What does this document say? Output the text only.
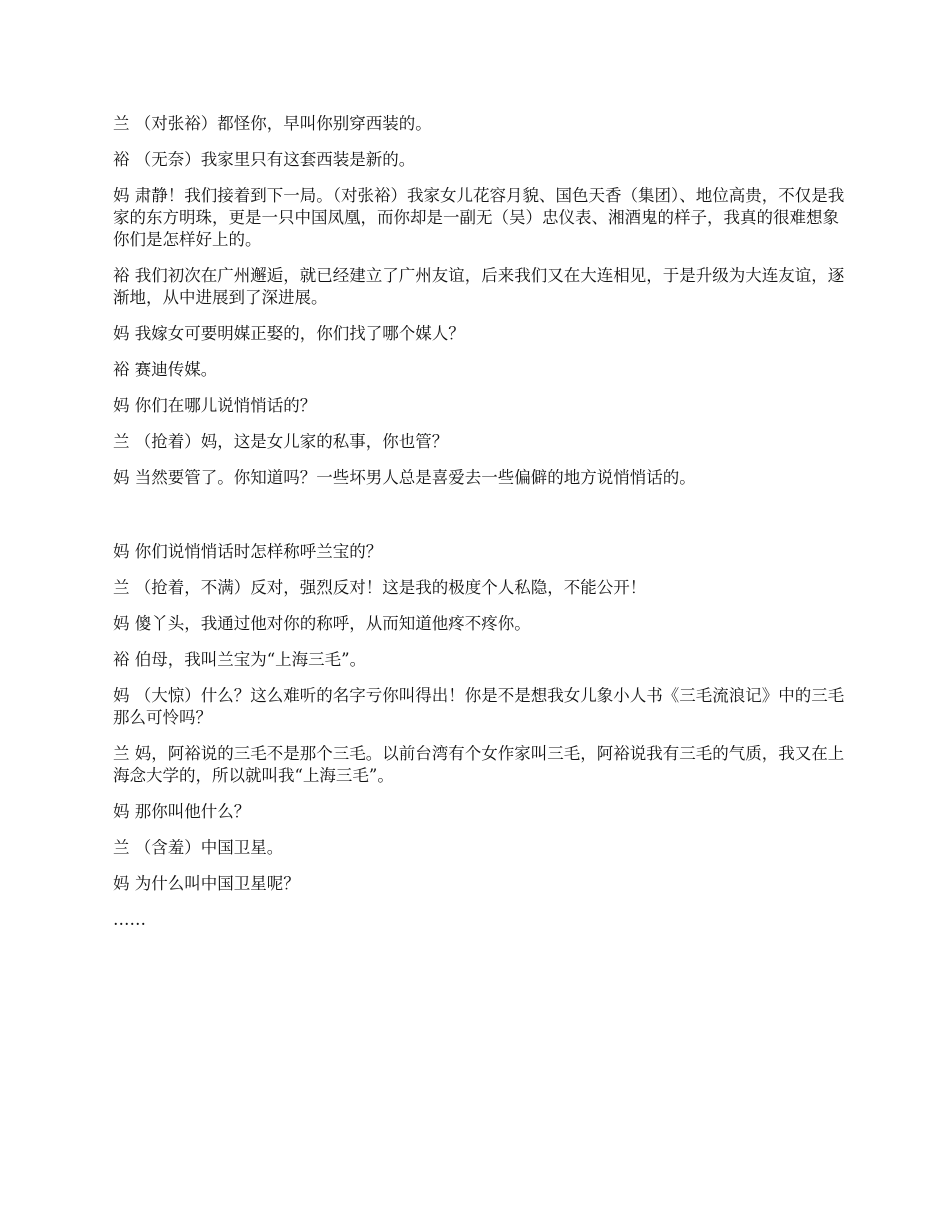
兰 （对张裕）都怪你，早叫你别穿西装的。

裕 （无奈）我家里只有这套西装是新的。

妈 肃静！我们接着到下一局。（对张裕）我家女儿花容月貌、国色天香（集团）、地位高贵，不仅是我家的东方明珠，更是一只中国凤凰，而你却是一副无（吴）忠仪表、湘酒鬼的样子，我真的很难想象你们是怎样好上的。

裕 我们初次在广州邂逅，就已经建立了广州友谊，后来我们又在大连相见，于是升级为大连友谊，逐渐地，从中进展到了深进展。

妈 我嫁女可要明媒正娶的，你们找了哪个媒人？

裕 赛迪传媒。

妈 你们在哪儿说悄悄话的？

兰 （抢着）妈，这是女儿家的私事，你也管？

妈 当然要管了。你知道吗？一些坏男人总是喜爱去一些偏僻的地方说悄悄话的。

妈 你们说悄悄话时怎样称呼兰宝的？

兰 （抢着，不满）反对，强烈反对！这是我的极度个人私隐，不能公开！

妈 傻丫头，我通过他对你的称呼，从而知道他疼不疼你。

裕 伯母，我叫兰宝为“上海三毛”。

妈 （大惊）什么？这么难听的名字亏你叫得出！你是不是想我女儿象小人书《三毛流浪记》中的三毛那么可怜吗？

兰 妈，阿裕说的三毛不是那个三毛。以前台湾有个女作家叫三毛，阿裕说我有三毛的气质，我又在上海念大学的，所以就叫我“上海三毛”。

妈 那你叫他什么？

兰 （含羞）中国卫星。

妈 为什么叫中国卫星呢？

……
